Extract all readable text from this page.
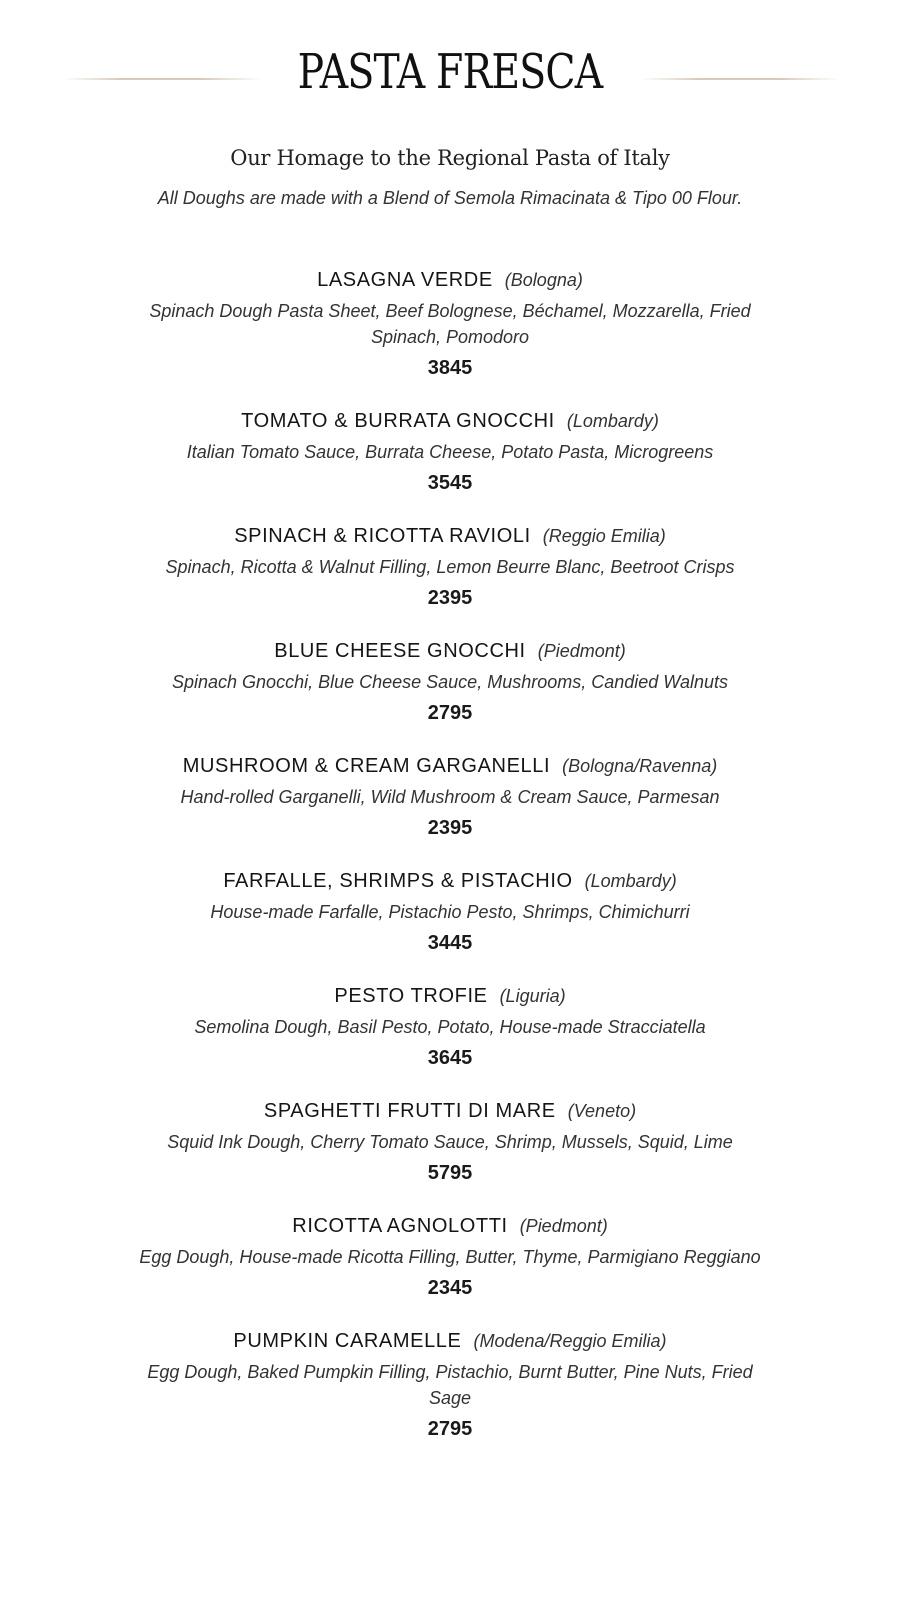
PASTA FRESCA
Our Homage to the Regional Pasta of Italy
All Doughs are made with a Blend of Semola Rimacinata & Tipo 00 Flour.
LASAGNA VERDE (Bologna)
Spinach Dough Pasta Sheet, Beef Bolognese, Béchamel, Mozzarella, Fried Spinach, Pomodoro
3845
TOMATO & BURRATA GNOCCHI (Lombardy)
Italian Tomato Sauce, Burrata Cheese, Potato Pasta, Microgreens
3545
SPINACH & RICOTTA RAVIOLI (Reggio Emilia)
Spinach, Ricotta & Walnut Filling, Lemon Beurre Blanc, Beetroot Crisps
2395
BLUE CHEESE GNOCCHI (Piedmont)
Spinach Gnocchi, Blue Cheese Sauce, Mushrooms, Candied Walnuts
2795
MUSHROOM & CREAM GARGANELLI (Bologna/Ravenna)
Hand-rolled Garganelli, Wild Mushroom & Cream Sauce, Parmesan
2395
FARFALLE, SHRIMPS & PISTACHIO (Lombardy)
House-made Farfalle, Pistachio Pesto, Shrimps, Chimichurri
3445
PESTO TROFIE (Liguria)
Semolina Dough, Basil Pesto, Potato, House-made Stracciatella
3645
SPAGHETTI FRUTTI DI MARE (Veneto)
Squid Ink Dough, Cherry Tomato Sauce, Shrimp, Mussels, Squid, Lime
5795
RICOTTA AGNOLOTTI (Piedmont)
Egg Dough, House-made Ricotta Filling, Butter, Thyme, Parmigiano Reggiano
2345
PUMPKIN CARAMELLE (Modena/Reggio Emilia)
Egg Dough, Baked Pumpkin Filling, Pistachio, Burnt Butter, Pine Nuts, Fried Sage
2795
